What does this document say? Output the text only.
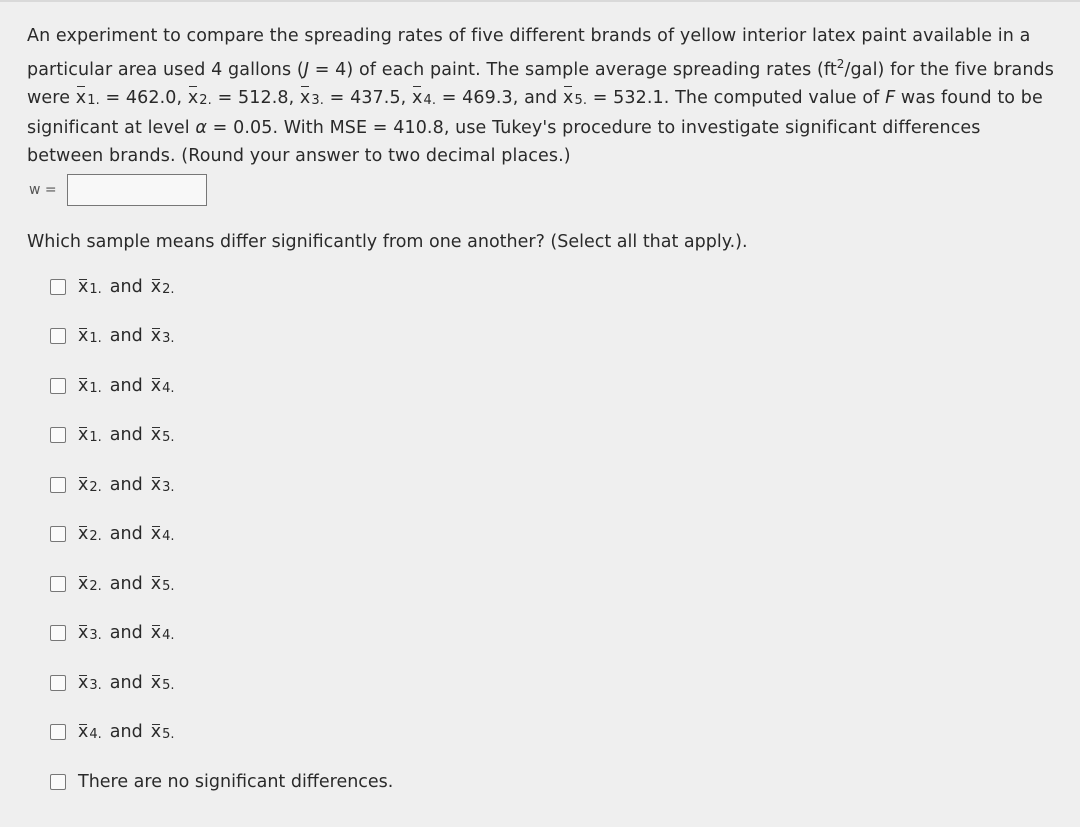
An experiment to compare the spreading rates of five different brands of yellow interior latex paint available in a particular area used 4 gallons (J = 4) of each paint. The sample average spreading rates $(ft^2/gal)$ for the five brands were $x_{1.} = 462.0$, $x_{2.} = 512.8$, $x_{3.} = 437.5$, $x_{4.} = 469.3$, and $x_{5.} = 532.1$. The computed value of F was found to be significant at level α = 0.05. With MSE = 410.8, use Tukey's procedure to investigate significant differences between brands. (Round your answer to two decimal places.)
w =
Which sample means differ significantly from one another? (Select all that apply.).
$x_{1.}$ and $x_{2.}$
$x_{1.}$ and $x_{3.}$
$x_{1.}$ and $x_{4.}$
$x_{1.}$ and $x_{5.}$
$x_{2.}$ and $x_{3.}$
$x_{2.}$ and $x_{4.}$
$x_{2.}$ and $x_{5.}$
$x_{3.}$ and $x_{4.}$
$x_{3.}$ and $x_{5.}$
$x_{4.}$ and $x_{5.}$
There are no significant differences.
